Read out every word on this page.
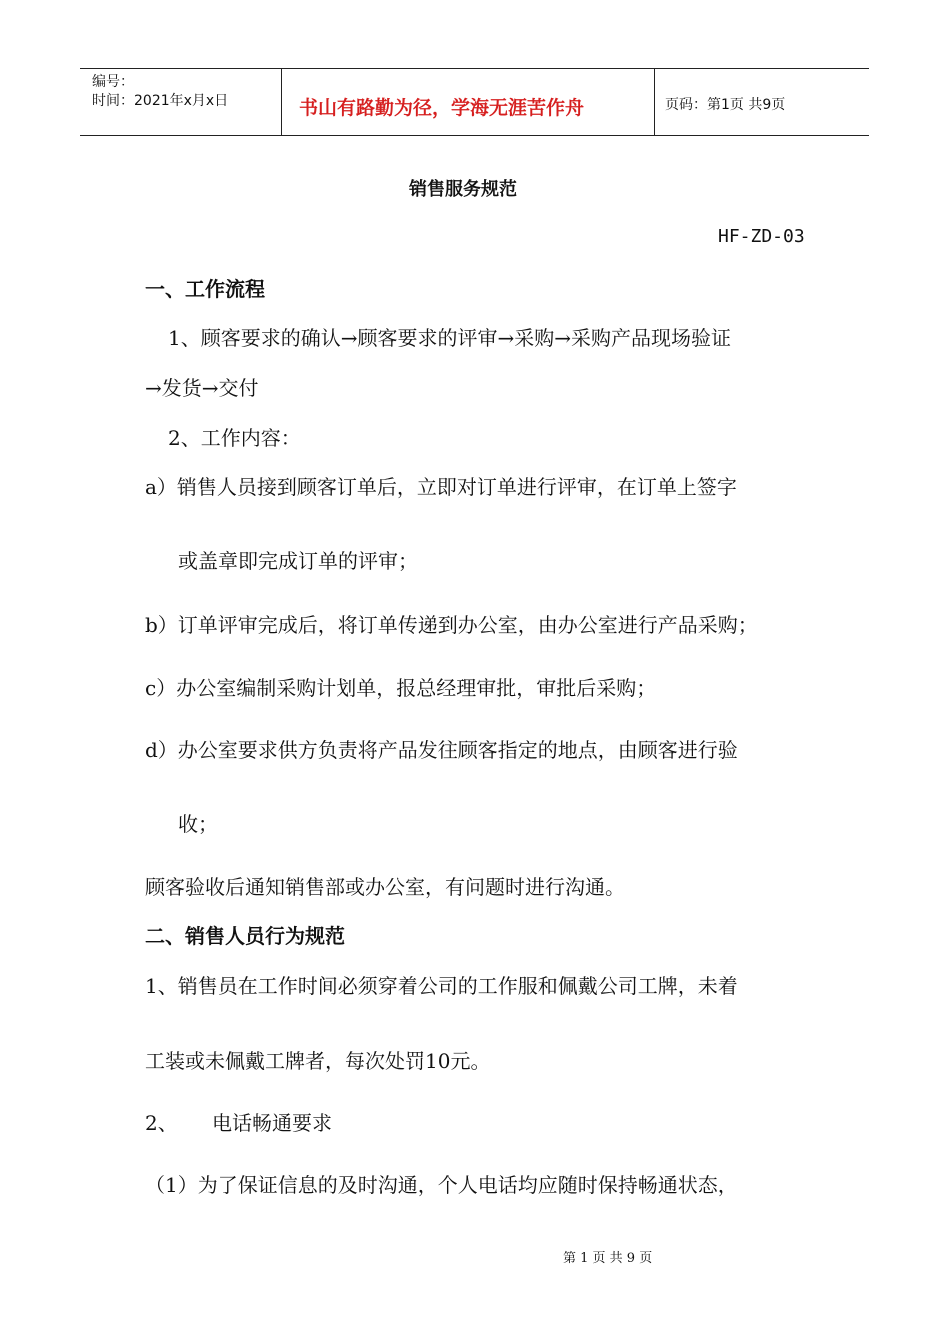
编号：
时间：2021年x月x日	书山有路勤为径，学海无涯苦作舟	页码：第1页 共9页
销售服务规范
HF-ZD-03
一、工作流程
1、顾客要求的确认→顾客要求的评审→采购→采购产品现场验证
→发货→交付
2、工作内容：
a）销售人员接到顾客订单后，立即对订单进行评审，在订单上签字
或盖章即完成订单的评审；
b）订单评审完成后，将订单传递到办公室，由办公室进行产品采购；
c）办公室编制采购计划单，报总经理审批，审批后采购；
d）办公室要求供方负责将产品发往顾客指定的地点，由顾客进行验
收；
顾客验收后通知销售部或办公室，有问题时进行沟通。
二、销售人员行为规范
1、销售员在工作时间必须穿着公司的工作服和佩戴公司工牌，未着
工装或未佩戴工牌者，每次处罚10元。
2、 电话畅通要求
（1）为了保证信息的及时沟通，个人电话均应随时保持畅通状态，
第 1 页 共 9 页
